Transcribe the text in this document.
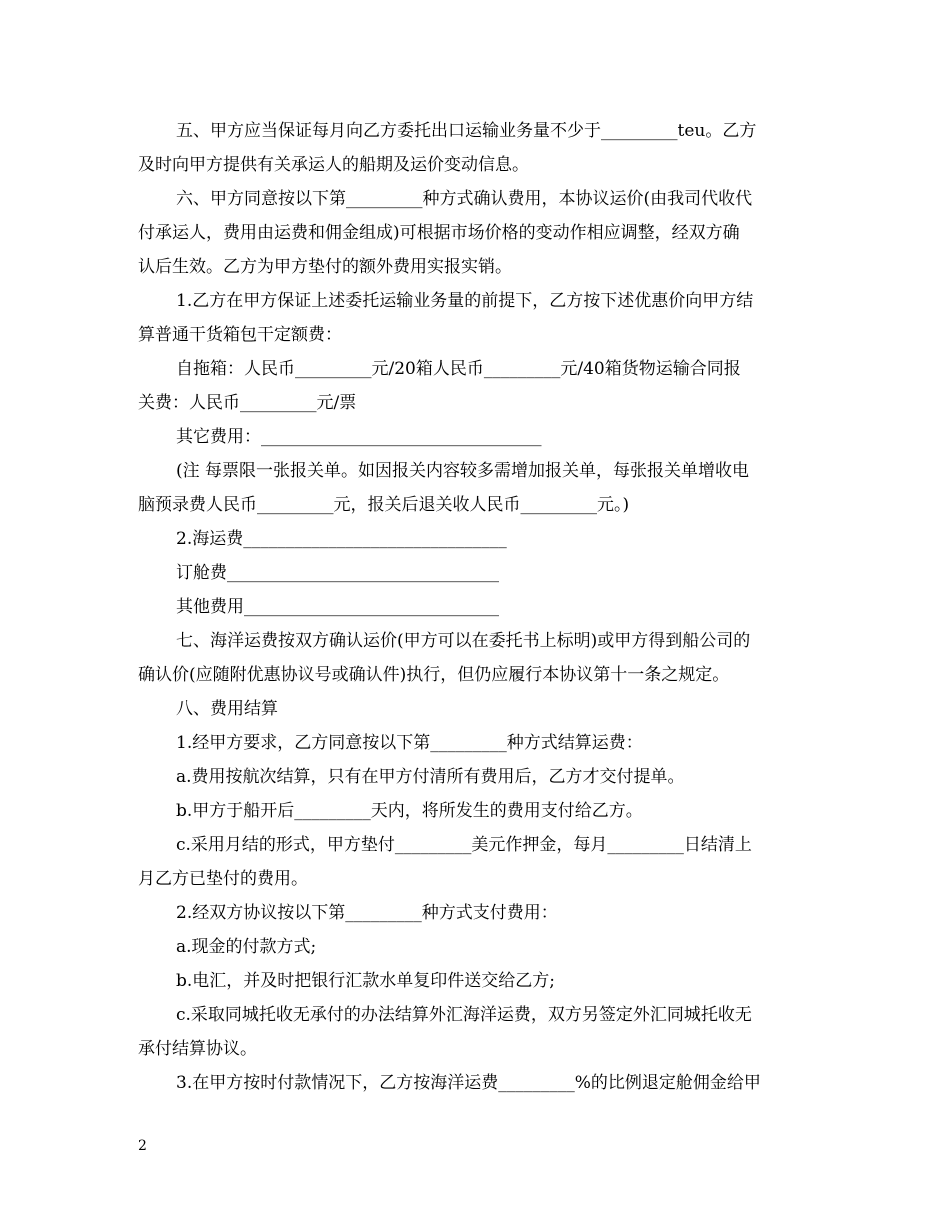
五、甲方应当保证每月向乙方委托出口运输业务量不少于_________teu。乙方

及时向甲方提供有关承运人的船期及运价变动信息。

六、甲方同意按以下第_________种方式确认费用，本协议运价(由我司代收代

付承运人，费用由运费和佣金组成)可根据市场价格的变动作相应调整，经双方确

认后生效。乙方为甲方垫付的额外费用实报实销。

1.乙方在甲方保证上述委托运输业务量的前提下，乙方按下述优惠价向甲方结

算普通干货箱包干定额费：

自拖箱：人民币_________元/20箱人民币_________元/40箱货物运输合同报

关费：人民币_________元/票

其它费用：_________________________________

(注 每票限一张报关单。如因报关内容较多需增加报关单，每张报关单增收电

脑预录费人民币_________元，报关后退关收人民币_________元。)

2.海运费_______________________________

订舱费________________________________

其他费用______________________________

七、海洋运费按双方确认运价(甲方可以在委托书上标明)或甲方得到船公司的

确认价(应随附优惠协议号或确认件)执行，但仍应履行本协议第十一条之规定。

八、费用结算

1.经甲方要求，乙方同意按以下第_________种方式结算运费：

a.费用按航次结算，只有在甲方付清所有费用后，乙方才交付提单。

b.甲方于船开后_________天内，将所发生的费用支付给乙方。

c.采用月结的形式，甲方垫付_________美元作押金，每月_________日结清上

月乙方已垫付的费用。

2.经双方协议按以下第_________种方式支付费用：

a.现金的付款方式;

b.电汇，并及时把银行汇款水单复印件送交给乙方;

c.采取同城托收无承付的办法结算外汇海洋运费，双方另签定外汇同城托收无

承付结算协议。

3.在甲方按时付款情况下，乙方按海洋运费_________%的比例退定舱佣金给甲

2
